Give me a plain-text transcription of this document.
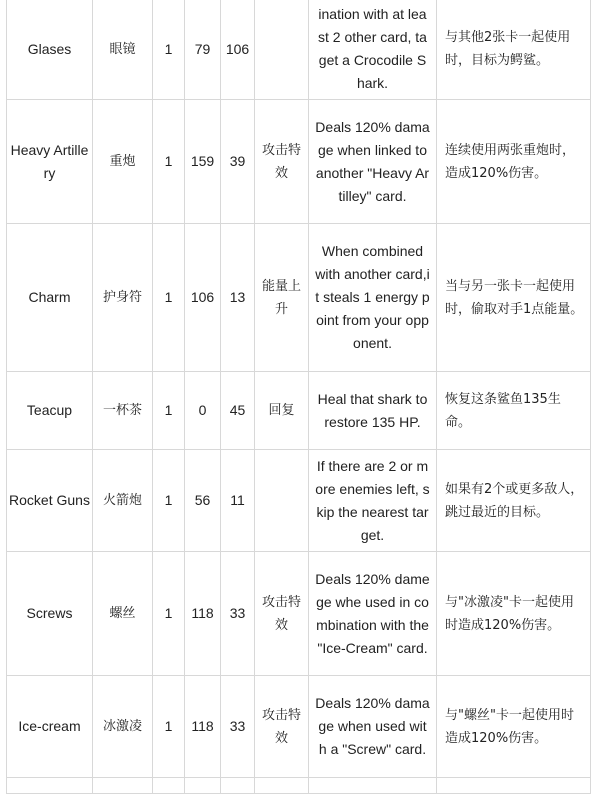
Glases	眼镜	1	79	106		ination with at least 2 other card, taget a Crocodile Shark.	与其他2张卡一起使用时，目标为鳄鲨。
Heavy Artillery	重炮	1	159	39	攻击特效	Deals 120% damage when linked to another "Heavy Artilley" card.	连续使用两张重炮时，造成120%伤害。
Charm	护身符	1	106	13	能量上升	When combined with another card,it steals 1 energy point from your opponent.	当与另一张卡一起使用时，偷取对手1点能量。
Teacup	一杯茶	1	0	45	回复	Heal that shark to restore 135 HP.	恢复这条鲨鱼135生命。
Rocket Guns	火箭炮	1	56	11		If there are 2 or more enemies left, skip the nearest target.	如果有2个或更多敌人，跳过最近的目标。
Screws	螺丝	1	118	33	攻击特效	Deals 120% damege whe used in combination with the "Ice-Cream" card.	与"冰激凌"卡一起使用时造成120%伤害。
Ice-cream	冰激凌	1	118	33	攻击特效	Deals 120% damage when used with a "Screw" card.	与"螺丝"卡一起使用时造成120%伤害。
